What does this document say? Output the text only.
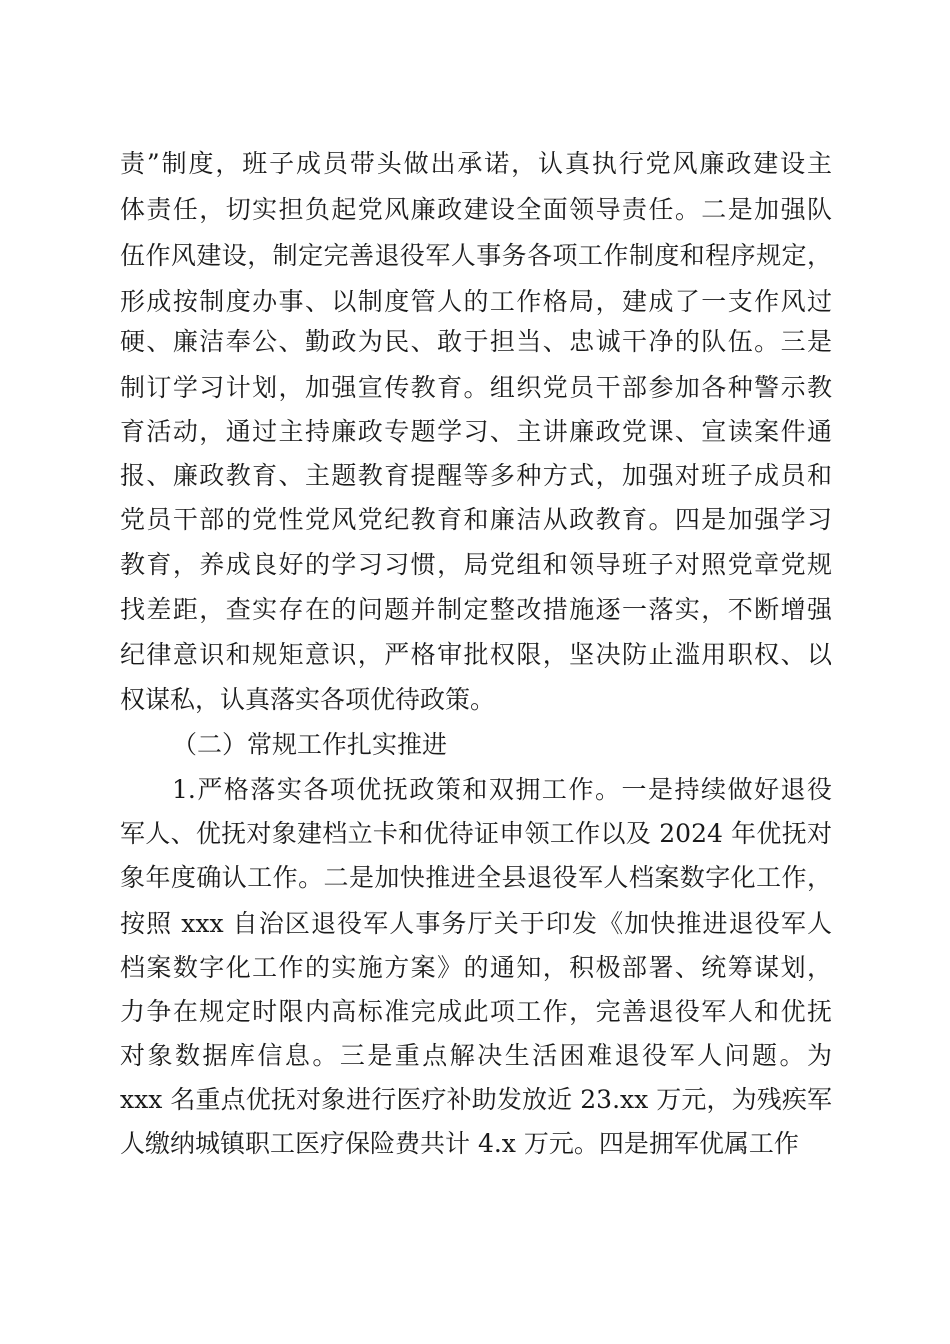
责”制度，班子成员带头做出承诺，认真执行党风廉政建设主
体责任，切实担负起党风廉政建设全面领导责任。二是加强队
伍作风建设，制定完善退役军人事务各项工作制度和程序规定，
形成按制度办事、以制度管人的工作格局，建成了一支作风过
硬、廉洁奉公、勤政为民、敢于担当、忠诚干净的队伍。三是
制订学习计划，加强宣传教育。组织党员干部参加各种警示教
育活动，通过主持廉政专题学习、主讲廉政党课、宣读案件通
报、廉政教育、主题教育提醒等多种方式，加强对班子成员和
党员干部的党性党风党纪教育和廉洁从政教育。四是加强学习
教育，养成良好的学习习惯，局党组和领导班子对照党章党规
找差距，查实存在的问题并制定整改措施逐一落实，不断增强
纪律意识和规矩意识，严格审批权限，坚决防止滥用职权、以
权谋私，认真落实各项优待政策。
（二）常规工作扎实推进
1.严格落实各项优抚政策和双拥工作。一是持续做好退役
军人、优抚对象建档立卡和优待证申领工作以及 2024 年优抚对
象年度确认工作。二是加快推进全县退役军人档案数字化工作，
按照 xxx 自治区退役军人事务厅关于印发《加快推进退役军人
档案数字化工作的实施方案》的通知，积极部署、统筹谋划，
力争在规定时限内高标准完成此项工作，完善退役军人和优抚
对象数据库信息。三是重点解决生活困难退役军人问题。为
xxx 名重点优抚对象进行医疗补助发放近 23.xx 万元，为残疾军
人缴纳城镇职工医疗保险费共计 4.x 万元。四是拥军优属工作
